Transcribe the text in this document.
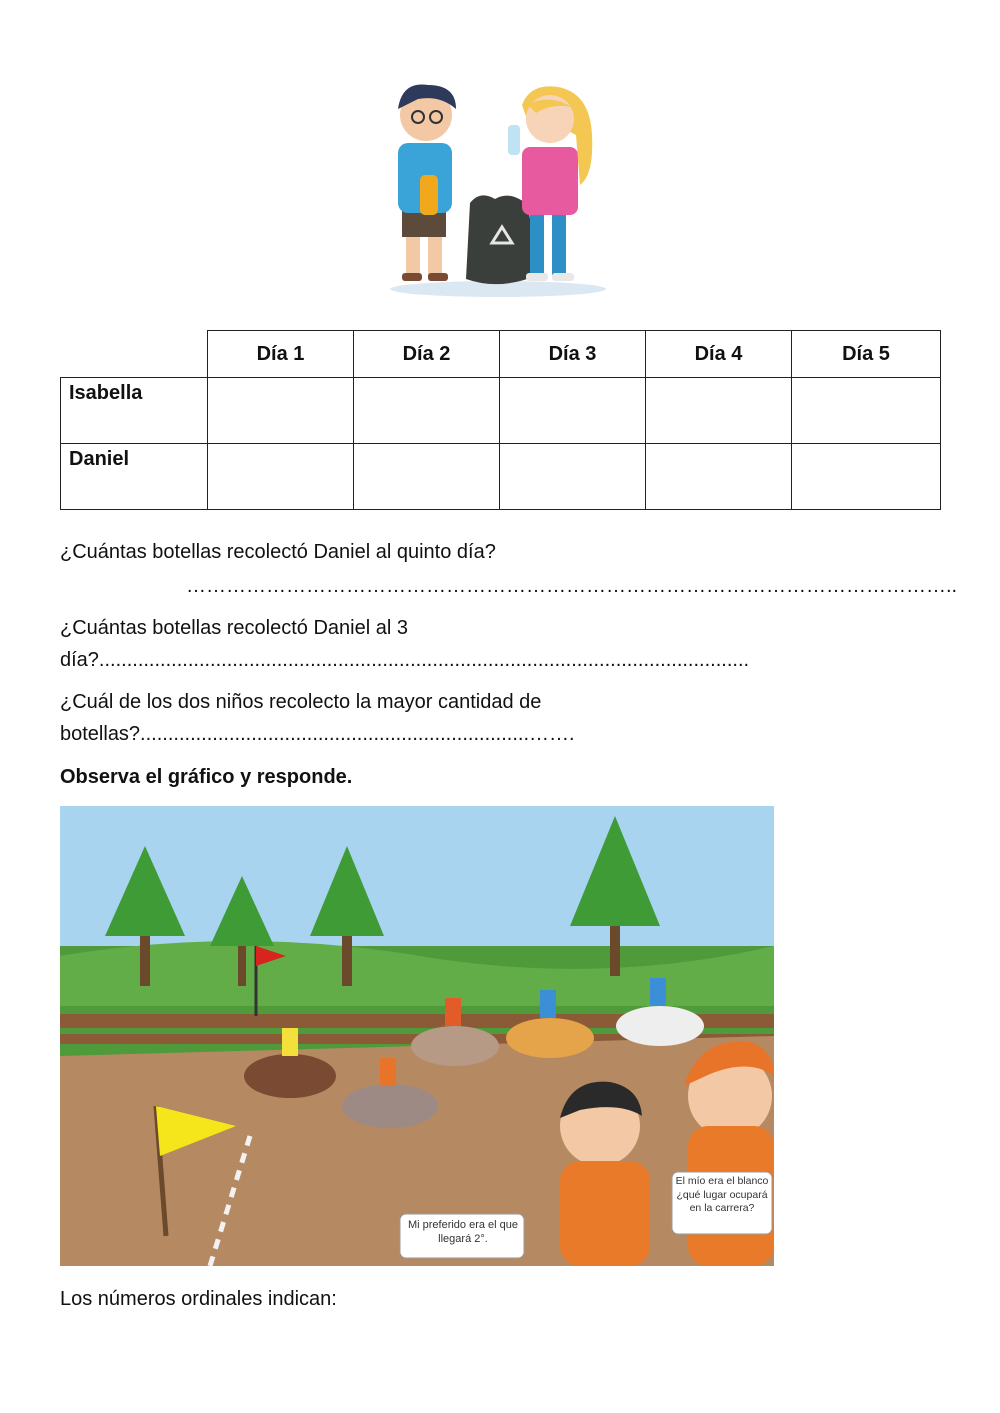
	Día 1	Día 2	Día 3	Día 4	Día 5
Isabella					
Daniel					
¿Cuántas botellas recolectó Daniel al quinto día?
……………………………………………………………………………………………………..
¿Cuántas botellas recolectó Daniel al 3
día?.....................................................................................................................
¿Cuál de los dos niños recolecto la mayor cantidad de
botellas?......................................................................…….
Observa el gráfico y responde.
Mi preferido era el que llegará 2°.
El mío era el blanco ¿qué lugar ocupará en la carrera?
Los números ordinales indican:
